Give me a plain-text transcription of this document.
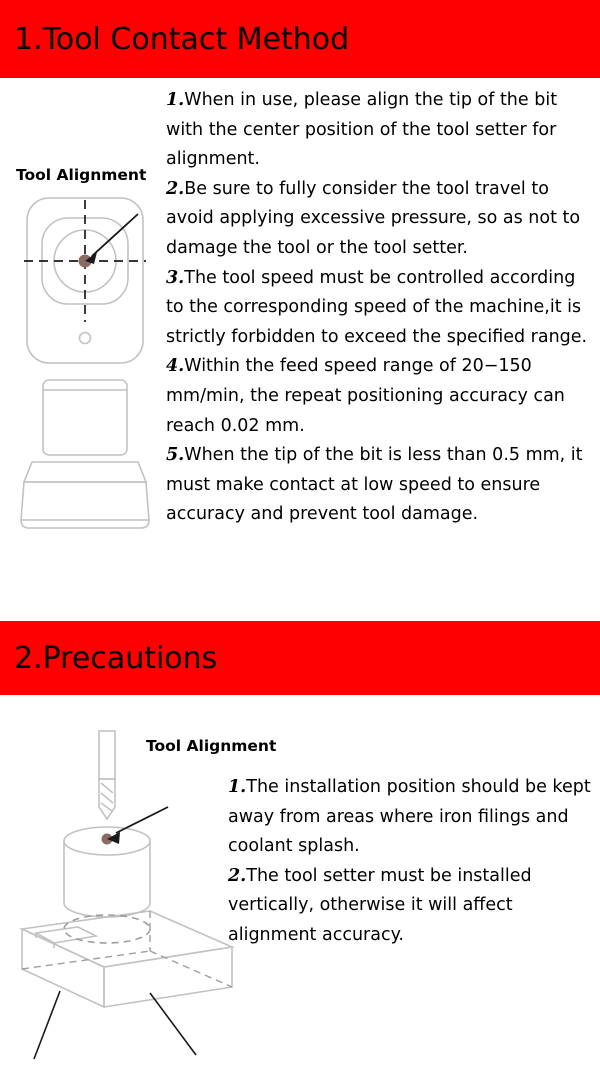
1.Tool Contact Method
Tool Alignment

1.When in use, please align the tip of the bit with the center position of the tool setter for alignment.

2.Be sure to fully consider the tool travel to avoid applying excessive pressure, so as not to damage the tool or the tool setter.

3.The tool speed must be controlled according to the corresponding speed of the machine,it is strictly forbidden to exceed the specified range.

4.Within the feed speed range of 20−150 mm/min, the repeat positioning accuracy can reach 0.02 mm.

5.When the tip of the bit is less than 0.5 mm, it must make contact at low speed to ensure accuracy and prevent tool damage.

2.Precautions
Tool Alignment

1.The installation position should be kept away from areas where iron filings and coolant splash.

2.The tool setter must be installed vertically, otherwise it will affect alignment accuracy.
